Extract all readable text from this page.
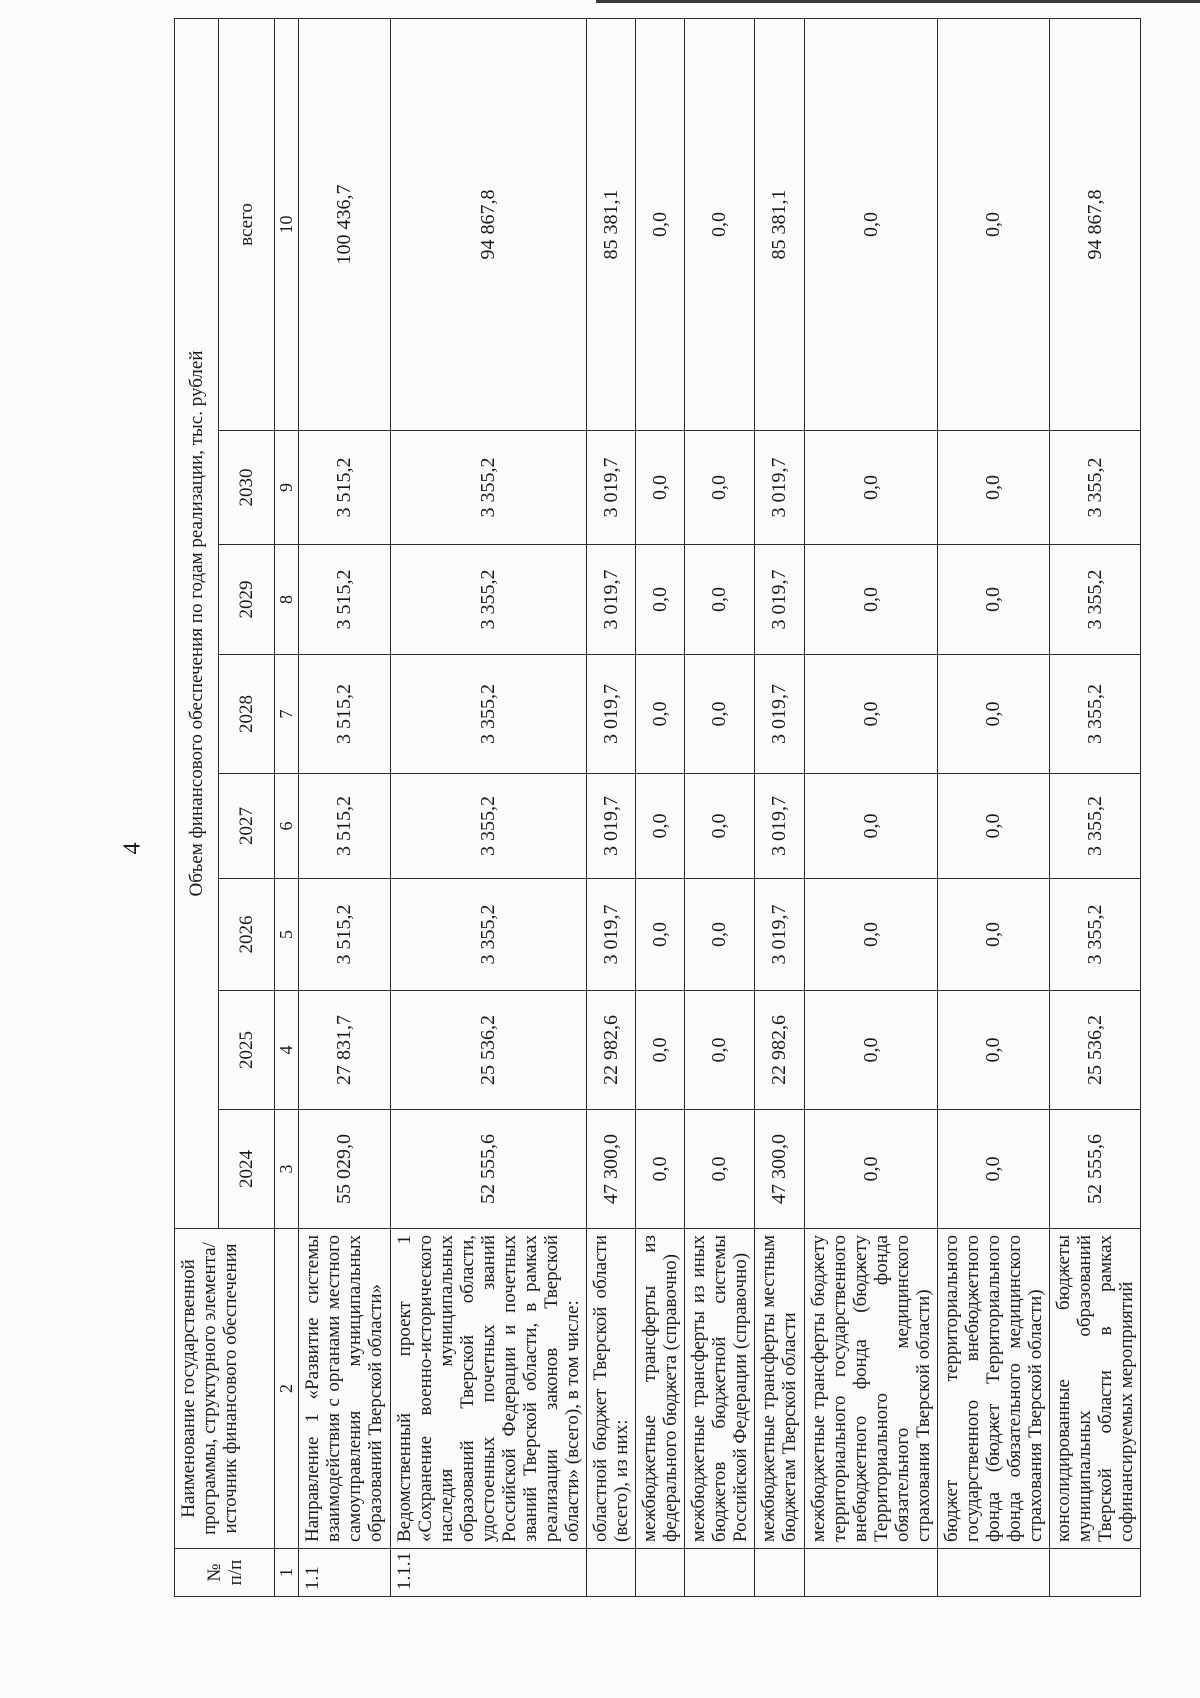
4
№ п/п	Наименование государственной программы, структурного элемента/источник финансового обеспечения	Объем финансового обеспечения по годам реализации, тыс. рублей							
		2024	2025	2026	2027	2028	2029	2030	всего
1	2	3	4	5	6	7	8	9	10
1.1	Направление 1 «Развитие системы взаимодействия с органами местного самоуправления муниципальных образований Тверской области»	55 029,0	27 831,7	3 515,2	3 515,2	3 515,2	3 515,2	3 515,2	100 436,7
1.1.1	Ведомственный проект 1 «Сохранение военно-исторического наследия муниципальных образований Тверской области, удостоенных почетных званий Российской Федерации и почетных званий Тверской области, в рамках реализации законов Тверской области» (всего), в том числе:	52 555,6	25 536,2	3 355,2	3 355,2	3 355,2	3 355,2	3 355,2	94 867,8
	областной бюджет Тверской области (всего), из них:	47 300,0	22 982,6	3 019,7	3 019,7	3 019,7	3 019,7	3 019,7	85 381,1
	межбюджетные трансферты из федерального бюджета (справочно)	0,0	0,0	0,0	0,0	0,0	0,0	0,0	0,0
	межбюджетные трансферты из иных бюджетов бюджетной системы Российской Федерации (справочно)	0,0	0,0	0,0	0,0	0,0	0,0	0,0	0,0
	межбюджетные трансферты местным бюджетам Тверской области	47 300,0	22 982,6	3 019,7	3 019,7	3 019,7	3 019,7	3 019,7	85 381,1
	межбюджетные трансферты бюджету территориального государственного внебюджетного фонда (бюджету Территориального фонда обязательного медицинского страхования Тверской области)	0,0	0,0	0,0	0,0	0,0	0,0	0,0	0,0
	бюджет территориального государственного внебюджетного фонда (бюджет Территориального фонда обязательного медицинского страхования Тверской области)	0,0	0,0	0,0	0,0	0,0	0,0	0,0	0,0
	консолидированные бюджеты муниципальных образований Тверской области в рамках софинансируемых мероприятий	52 555,6	25 536,2	3 355,2	3 355,2	3 355,2	3 355,2	3 355,2	94 867,8
